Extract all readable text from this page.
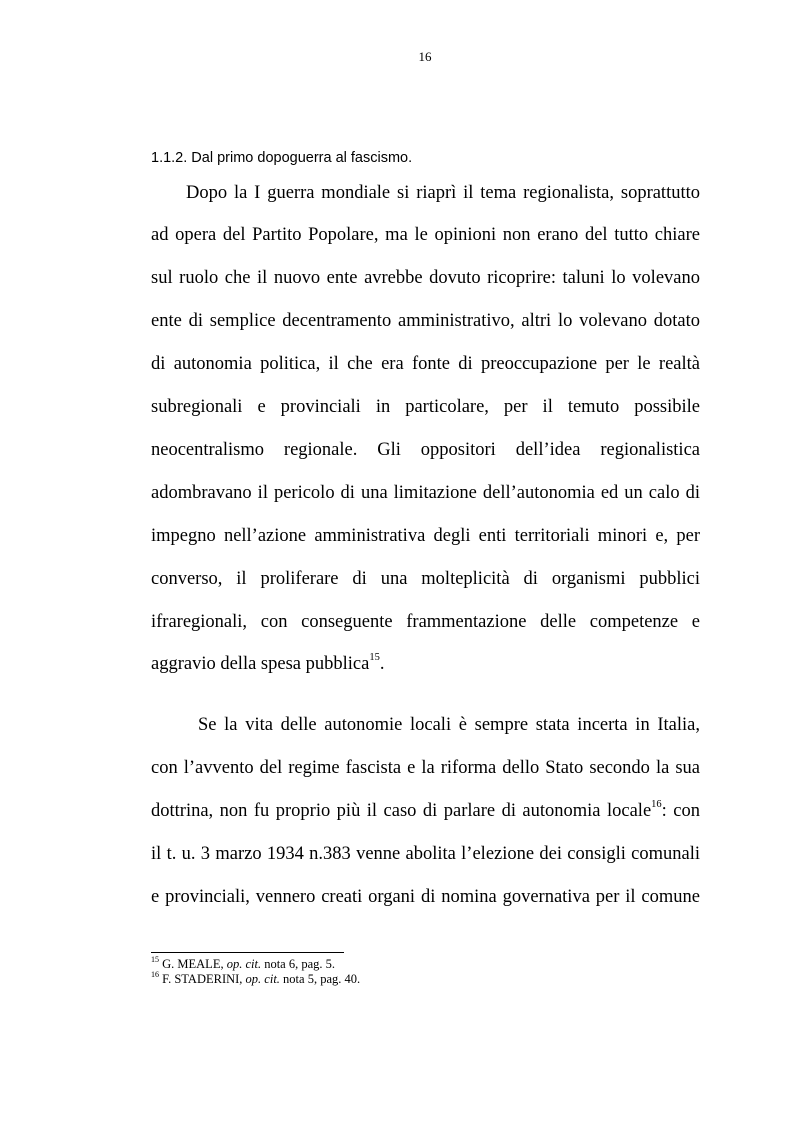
16
1.1.2. Dal primo dopoguerra al fascismo.
Dopo la I guerra mondiale si riaprì il tema regionalista, soprattutto
ad opera del Partito Popolare, ma le opinioni non erano del tutto chiare
sul ruolo che il nuovo ente avrebbe dovuto ricoprire: taluni lo volevano
ente di semplice decentramento amministrativo, altri lo volevano dotato
di autonomia politica, il che era fonte di preoccupazione per le realtà
subregionali e provinciali in particolare, per il temuto possibile
neocentralismo regionale. Gli oppositori dell’idea regionalistica
adombravano il pericolo di una limitazione dell’autonomia ed un calo di
impegno nell’azione amministrativa degli enti territoriali minori e, per
converso, il proliferare di una molteplicità di organismi pubblici
ifraregionali, con conseguente frammentazione delle competenze e
aggravio della spesa pubblica$^{15}$.
Se la vita delle autonomie locali è sempre stata incerta in Italia,
con l’avvento del regime fascista e la riforma dello Stato secondo la sua
dottrina, non fu proprio più il caso di parlare di autonomia locale$^{16}$: con
il t. u. 3 marzo 1934 n.383 venne abolita l’elezione dei consigli comunali
e provinciali, vennero creati organi di nomina governativa per il comune
$^{15}$ G. MEALE, op. cit. nota 6, pag. 5.
$^{16}$ F. STADERINI, op. cit. nota 5, pag. 40.
